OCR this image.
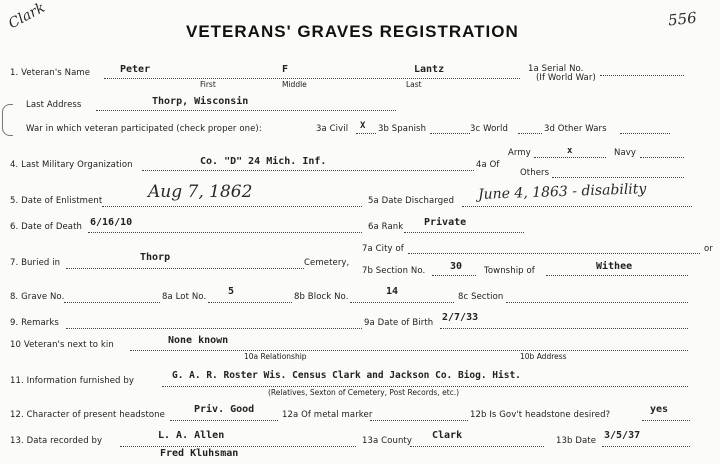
Clark	VETERANS' GRAVES REGISTRATION
556
1. Veteran's Name	Peter	F	Lantz
First	Middle	Last
1a Serial No.
(If World War)
Last Address	Thorp, Wisconsin
War in which veteran participated (check proper one):	3a Civil X 3b Spanish	3c World	3d Other Wars
4. Last Military Organization	Co. "D" 24 Mich. Inf.	4a Of
Army	x	Navy
Others
5. Date of Enlistment	Aug 7, 1862	5a Date Discharged June 4, 1863 - disability
6. Date of Death 6/16/10	6a Rank Private
7a City of	or
7. Buried in	Thorp	Cemetery,
7b Section No. 30	Township of	Withee
8. Grave No.	8a Lot No. 5	8b Block No.	14	8c Section
9. Remarks	9a Date of Birth 2/7/33
10 Veteran's next to kin	None known
10a Relationship	10b Address
11. Information furnished by	G. A. R. Roster Wis. Census Clark and Jackson Co. Biog. Hist.
(Relatives, Sexton of Cemetery, Post Records, etc.)
12. Character of present headstone	Priv. Good	12a Of metal marker	12b Is Gov't headstone desired?	yes
13. Data recorded by	L. A. Allen	13a County Clark	13b Date 3/5/37
Fred Kluhsman
